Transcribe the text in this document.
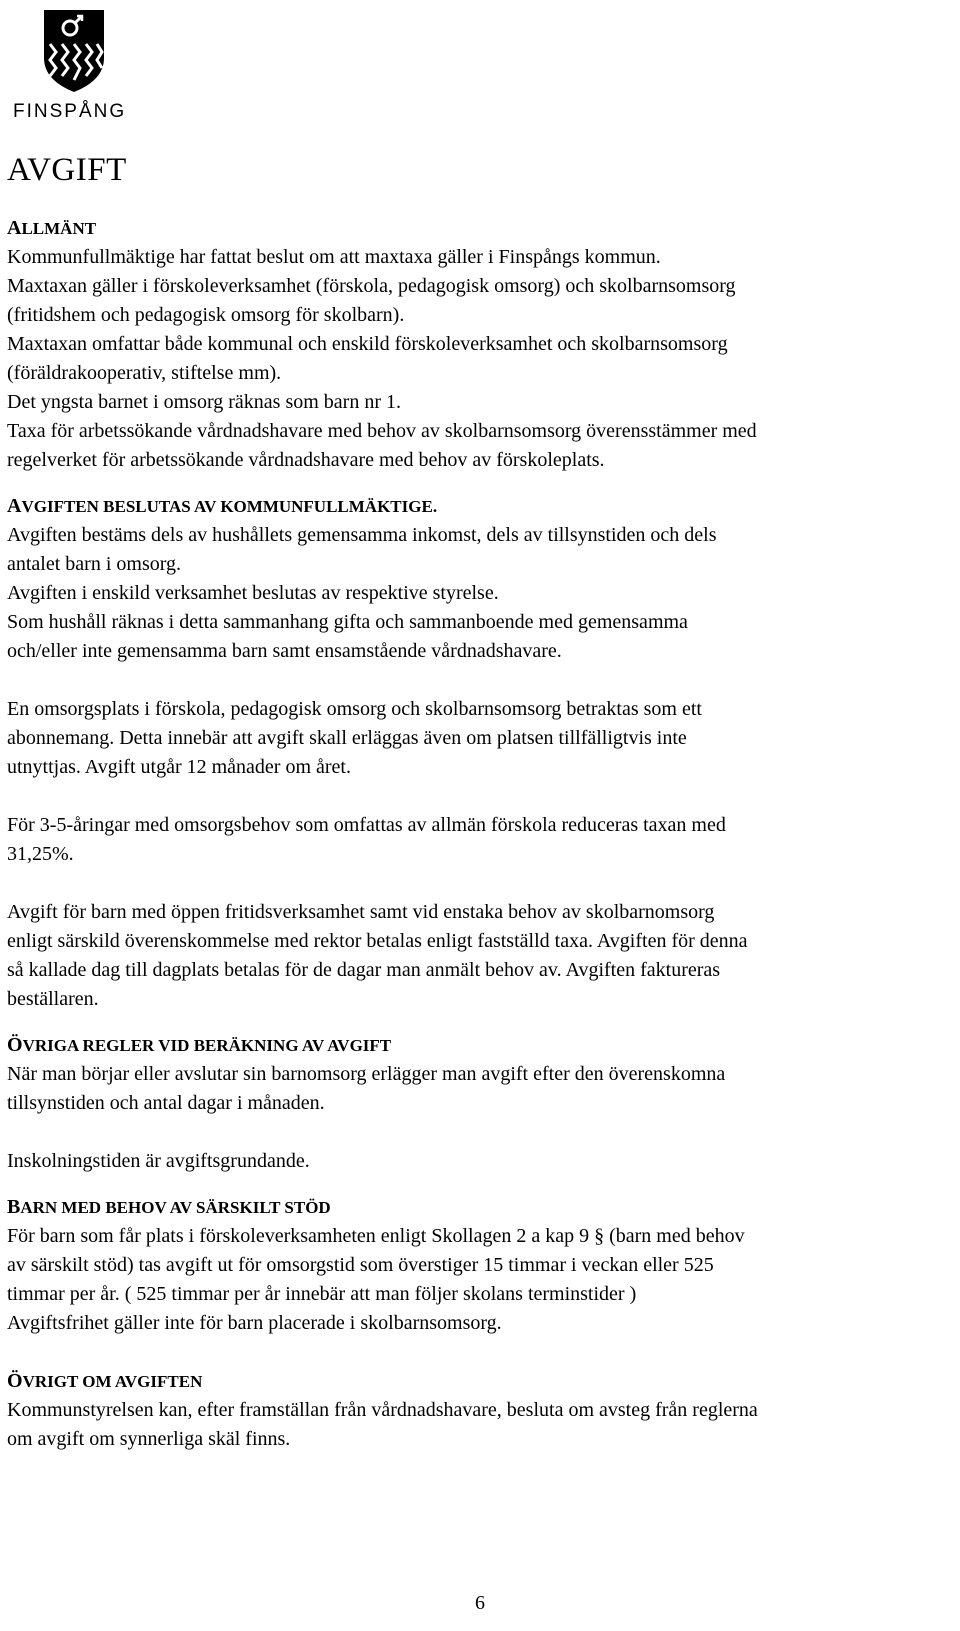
FINSPÅNG
AVGIFT
ALLMÄNT

Kommunfullmäktige har fattat beslut om att maxtaxa gäller i Finspångs kommun.

Maxtaxan gäller i förskoleverksamhet (förskola, pedagogisk omsorg) och skolbarnsomsorg

(fritidshem och pedagogisk omsorg för skolbarn).

Maxtaxan omfattar både kommunal och enskild förskoleverksamhet och skolbarnsomsorg

(föräldrakooperativ, stiftelse mm).

Det yngsta barnet i omsorg räknas som barn nr 1.

Taxa för arbetssökande vårdnadshavare med behov av skolbarnsomsorg överensstämmer med

regelverket för arbetssökande vårdnadshavare med behov av förskoleplats.

AVGIFTEN BESLUTAS AV KOMMUNFULLMÄKTIGE.

Avgiften bestäms dels av hushållets gemensamma inkomst, dels av tillsynstiden och dels

antalet barn i omsorg.

Avgiften i enskild verksamhet beslutas av respektive styrelse.

Som hushåll räknas i detta sammanhang gifta och sammanboende med gemensamma

och/eller inte gemensamma barn samt ensamstående vårdnadshavare.

En omsorgsplats i förskola, pedagogisk omsorg och skolbarnsomsorg betraktas som ett

abonnemang. Detta innebär att avgift skall erläggas även om platsen tillfälligtvis inte

utnyttjas. Avgift utgår 12 månader om året.

För 3-5-åringar med omsorgsbehov som omfattas av allmän förskola reduceras taxan med

31,25%.

Avgift för barn med öppen fritidsverksamhet samt vid enstaka behov av skolbarnomsorg

enligt särskild överenskommelse med rektor betalas enligt fastställd taxa. Avgiften för denna

så kallade dag till dagplats betalas för de dagar man anmält behov av. Avgiften faktureras

beställaren.

ÖVRIGA REGLER VID BERÄKNING AV AVGIFT

När man börjar eller avslutar sin barnomsorg erlägger man avgift efter den överenskomna

tillsynstiden och antal dagar i månaden.

Inskolningstiden är avgiftsgrundande.

BARN MED BEHOV AV SÄRSKILT STÖD

För barn som får plats i förskoleverksamheten enligt Skollagen 2 a kap 9 § (barn med behov

av särskilt stöd) tas avgift ut för omsorgstid som överstiger 15 timmar i veckan eller 525

timmar per år. ( 525 timmar per år innebär att man följer skolans terminstider )

Avgiftsfrihet gäller inte för barn placerade i skolbarnsomsorg.

ÖVRIGT OM AVGIFTEN

Kommunstyrelsen kan, efter framställan från vårdnadshavare, besluta om avsteg från reglerna

om avgift om synnerliga skäl finns.

6
